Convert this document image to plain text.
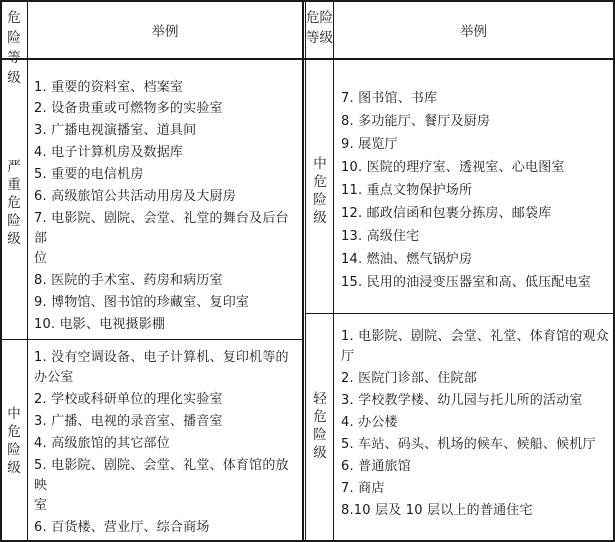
危险
等级
举例
危险
等级	举例
严重危险级
1. 重要的资料室、档案室
2. 设备贵重或可燃物多的实验室
3. 广播电视演播室、道具间
4. 电子计算机房及数据库
5. 重要的电信机房
6. 高级旅馆公共活动用房及大厨房
7. 电影院、剧院、会堂、礼堂的舞台及后台部
位
8. 医院的手术室、药房和病历室
9. 博物馆、图书馆的珍藏室、复印室
10. 电影、电视摄影棚
中危险级
1. 没有空调设备、电子计算机、复印机等的
办公室
2. 学校或科研单位的理化实验室
3. 广播、电视的录音室、播音室
4. 高级旅馆的其它部位
5. 电影院、剧院、会堂、礼堂、体育馆的放映
室
6. 百货楼、营业厅、综合商场
中危险级
7. 图书馆、书库
8. 多功能厅、餐厅及厨房
9. 展览厅
10. 医院的理疗室、透视室、心电图室
11. 重点文物保护场所
12. 邮政信函和包裹分拣房、邮袋库
13. 高级住宅
14. 燃油、燃气锅炉房
15. 民用的油浸变压器室和高、低压配电室
轻危险级
1. 电影院、剧院、会堂、礼堂、体育馆的观众
厅
2. 医院门诊部、住院部
3. 学校教学楼、幼儿园与托儿所的活动室
4. 办公楼
5. 车站、码头、机场的候车、候船、候机厅
6. 普通旅馆
7. 商店
8.10 层及 10 层以上的普通住宅
